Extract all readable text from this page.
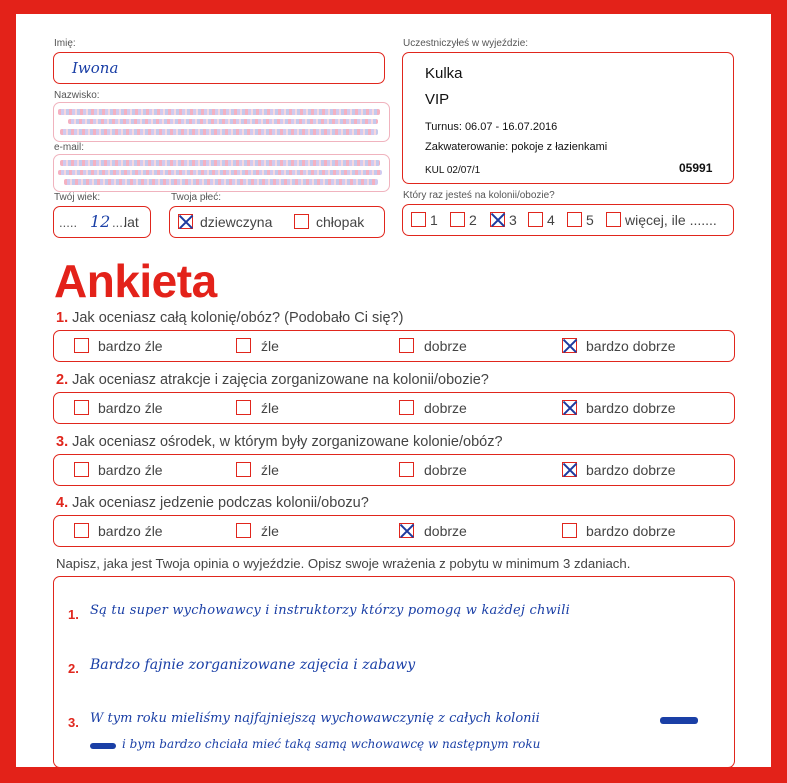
Imię:
Iwona
Nazwisko:
e-mail:
Twój wiek:
..... 12 ....
lat
Twoja płeć:
dziewczyna	chłopak
Uczestniczyłeś w wyjeździe:
Kulka
VIP
Turnus: 06.07 - 16.07.2016
Zakwaterowanie: pokoje z łazienkami
KUL 02/07/1	05991
Który raz jesteś na kolonii/obozie?
1 2 3 4 5 więcej, ile .......
Ankieta
1. Jak oceniasz całą kolonię/obóz? (Podobało Ci się?)
bardzo źle	źle	dobrze	bardzo dobrze
2. Jak oceniasz atrakcje i zajęcia zorganizowane na kolonii/obozie?
bardzo źle	źle	dobrze	bardzo dobrze
3. Jak oceniasz ośrodek, w którym były zorganizowane kolonie/obóz?
bardzo źle	źle	dobrze	bardzo dobrze
4. Jak oceniasz jedzenie podczas kolonii/obozu?
bardzo źle	źle	dobrze	bardzo dobrze
Napisz, jaka jest Twoja opinia o wyjeździe. Opisz swoje wrażenia z pobytu w minimum 3 zdaniach.
1. Są tu super wychowawcy i instruktorzy którzy pomogą w każdej chwili
2. Bardzo fajnie zorganizowane zajęcia i zabawy
3. W tym roku mieliśmy najfajniejszą wychowawczynię z całych kolonii
i bym bardzo chciała mieć taką samą wchowawcę w następnym roku
